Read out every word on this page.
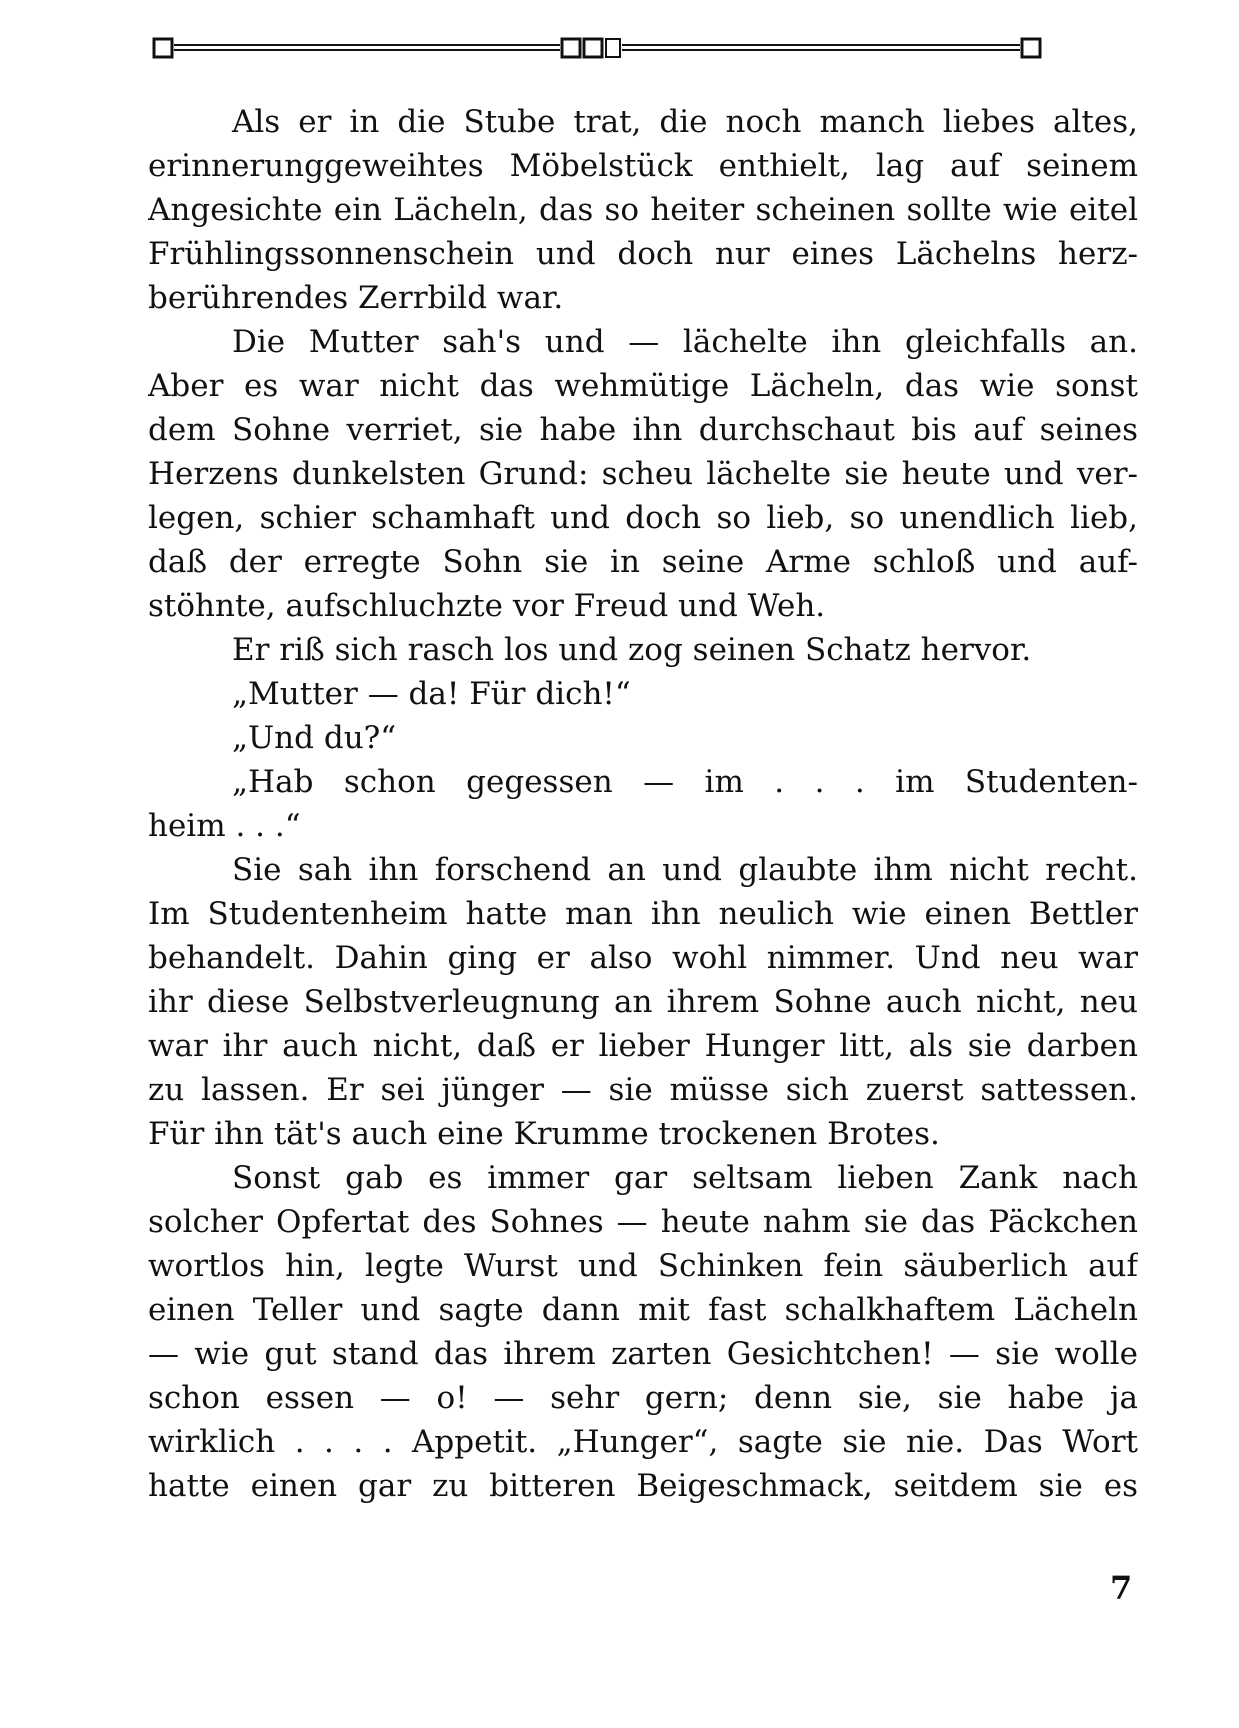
Als er in die Stube trat, die noch manch liebes altes,
erinnerunggeweihtes Möbelstück enthielt, lag auf seinem
Angesichte ein Lächeln, das so heiter scheinen sollte wie eitel
Frühlingssonnenschein und doch nur eines Lächelns herz-
berührendes Zerrbild war.
Die Mutter sah's und — lächelte ihn gleichfalls an.
Aber es war nicht das wehmütige Lächeln, das wie sonst
dem Sohne verriet, sie habe ihn durchschaut bis auf seines
Herzens dunkelsten Grund: scheu lächelte sie heute und ver-
legen, schier schamhaft und doch so lieb, so unendlich lieb,
daß der erregte Sohn sie in seine Arme schloß und auf-
stöhnte, aufschluchzte vor Freud und Weh.
Er riß sich rasch los und zog seinen Schatz hervor.
„Mutter — da! Für dich!“
„Und du?“
„Hab schon gegessen — im . . . im Studenten-
heim . . .“
Sie sah ihn forschend an und glaubte ihm nicht recht.
Im Studentenheim hatte man ihn neulich wie einen Bettler
behandelt. Dahin ging er also wohl nimmer. Und neu war
ihr diese Selbstverleugnung an ihrem Sohne auch nicht, neu
war ihr auch nicht, daß er lieber Hunger litt, als sie darben
zu lassen. Er sei jünger — sie müsse sich zuerst sattessen.
Für ihn tät's auch eine Krumme trockenen Brotes.
Sonst gab es immer gar seltsam lieben Zank nach
solcher Opfertat des Sohnes — heute nahm sie das Päckchen
wortlos hin, legte Wurst und Schinken fein säuberlich auf
einen Teller und sagte dann mit fast schalkhaftem Lächeln
— wie gut stand das ihrem zarten Gesichtchen! — sie wolle
schon essen — o! — sehr gern; denn sie, sie habe ja
wirklich . . . . Appetit. „Hunger“, sagte sie nie. Das Wort
hatte einen gar zu bitteren Beigeschmack, seitdem sie es
7
